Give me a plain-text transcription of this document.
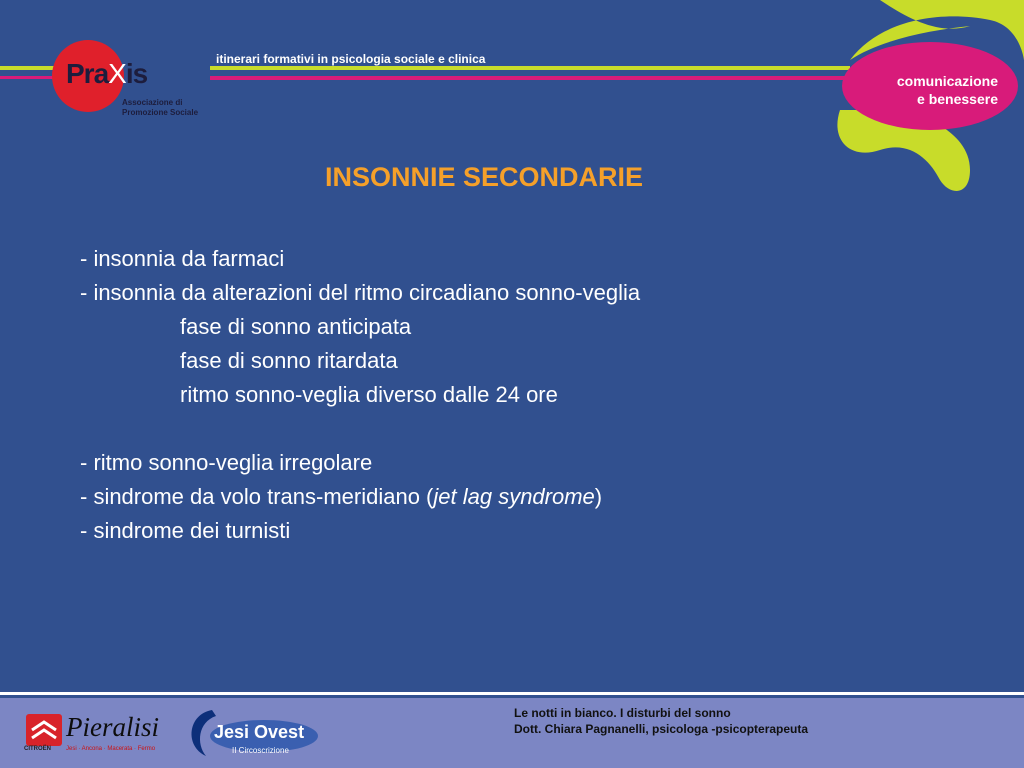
PraXis
Associazione di Promozione Sociale
itinerari formativi in psicologia sociale e clinica
comunicazione
e benessere
INSONNIE SECONDARIE
- insonnia da farmaci
- insonnia da alterazioni del ritmo circadiano sonno-veglia
fase di sonno anticipata
fase di sonno ritardata
ritmo sonno-veglia diverso dalle 24 ore
- ritmo sonno-veglia irregolare
- sindrome da volo trans-meridiano (jet lag syndrome)
- sindrome dei turnisti
CITROËN
Pieralisi
Jesi · Ancona · Macerata · Fermo
Jesi Ovest
II Circoscrizione
Le notti in bianco. I disturbi del sonno
Dott. Chiara Pagnanelli, psicologa -psicopterapeuta
